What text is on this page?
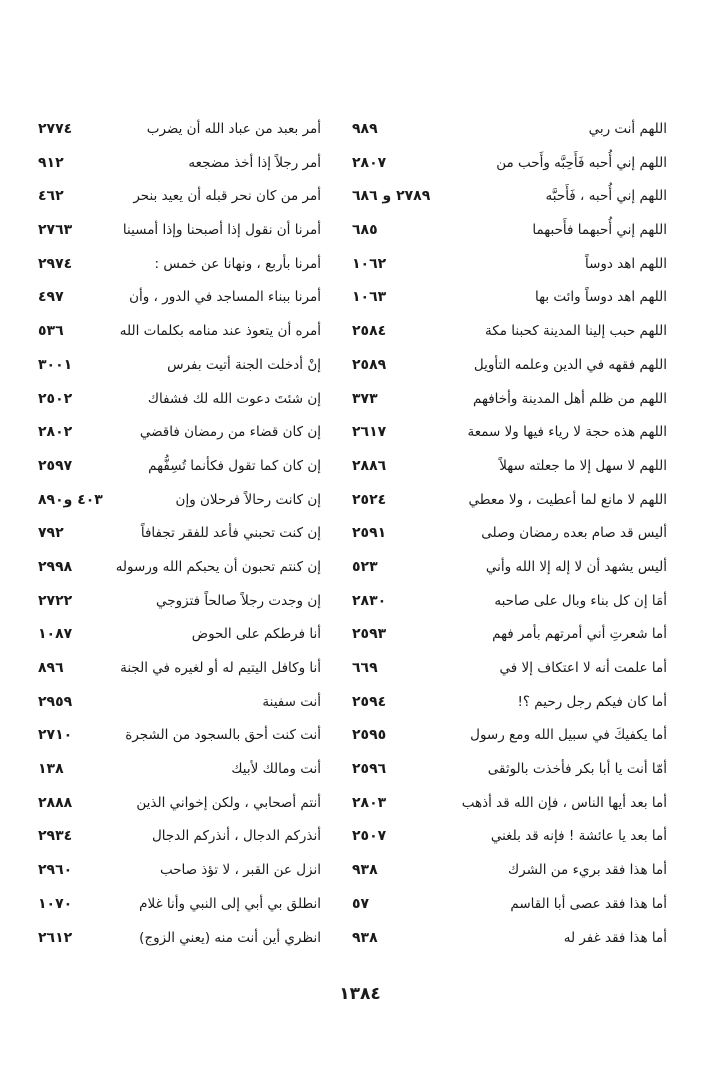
اللهم أنت ربي
٩٨٩
اللهم إني أُحبه فَأَحِبَّه وأَحب من
٢٨٠٧
اللهم إني أُحبه ، فَأَحبَّه
٢٧٨٩ و ٦٨٦
اللهم إني أُحبهما فأَحبهما
٦٨٥
اللهم اهد دوساً
١٠٦٢
اللهم اهد دوساً وائت بها
١٠٦٣
اللهم حبب إلينا المدينة كحبنا مكة
٢٥٨٤
اللهم فقهه في الدين وعلمه التأويل
٢٥٨٩
اللهم من ظلم أهل المدينة وأخافهم
٣٧٣
اللهم هذه حجة لا رياء فيها ولا سمعة
٢٦١٧
اللهم لا سهل إلا ما جعلته سهلاً
٢٨٨٦
اللهم لا مانع لما أعطيت ، ولا معطي
٢٥٢٤
أليس قد صام بعده رمضان وصلى
٢٥٩١
أليس يشهد أن لا إله إلا الله وأني
٥٢٣
أمَا إن كل بناء وبال على صاحبه
٢٨٣٠
أما شعرتِ أني أمرتهم بأمر فهم
٢٥٩٣
أما علمت أنه لا اعتكاف إلا في
٦٦٩
أما كان فيكم رجل رحيم ؟!
٢٥٩٤
أما يكفيكَ في سبيل الله ومع رسول
٢٥٩٥
أمّا أنت يا أبا بكر فأخذت بالوثقى
٢٥٩٦
أما بعد أيها الناس ، فإن الله قد أذهب
٢٨٠٣
أما بعد يا عائشة ! فإنه قد بلغني
٢٥٠٧
أما هذا فقد بريء من الشرك
٩٣٨
أما هذا فقد عصى أبا القاسم
٥٧
أما هذا فقد غفر له
٩٣٨
أمر بعبد من عباد الله أن يضرب
٢٧٧٤
أمر رجلاً إذا أخذ مضجعه
٩١٢
أمر من كان نحر قبله أن يعيد بنحر
٤٦٢
أمرنا أن نقول إذا أصبحنا وإذا أمسينا
٢٧٦٣
أمرنا بأربع ، ونهانا عن خمس :
٢٩٧٤
أمرنا ببناء المساجد في الدور ، وأن
٤٩٧
أمره أن يتعوذ عند منامه بكلمات الله
٥٣٦
إنْ أدخلت الجنة أتيت بفرس
٣٠٠١
إن شئتَ دعوت الله لك فشفاك
٢٥٠٢
إن كان قضاء من رمضان فاقضي
٢٨٠٢
إن كان كما تقول فكأنما تُسِفُّهم
٢٥٩٧
إن كانت رحالاً فرحلان وإن
٤٠٣ و٨٩٠
إن كنت تحبني فأعد للفقر تجفافاً
٧٩٢
إن كنتم تحبون أن يحبكم الله ورسوله
٢٩٩٨
إن وجدت رجلاً صالحاً فتزوجي
٢٧٢٢
أنا فرطكم على الحوض
١٠٨٧
أنا وكافل اليتيم له أو لغيره في الجنة
٨٩٦
أنت سفينة
٢٩٥٩
أنت كنت أحق بالسجود من الشجرة
٢٧١٠
أنت ومالك لأبيك
١٣٨
أنتم أصحابي ، ولكن إخواني الذين
٢٨٨٨
أنذركم الدجال ، أنذركم الدجال
٢٩٣٤
انزل عن القبر ، لا تؤذ صاحب
٢٩٦٠
انطلق بي أبي إلى النبي وأنا غلام
١٠٧٠
انظري أين أنت منه (يعني الزوج)
٢٦١٢
١٣٨٤
